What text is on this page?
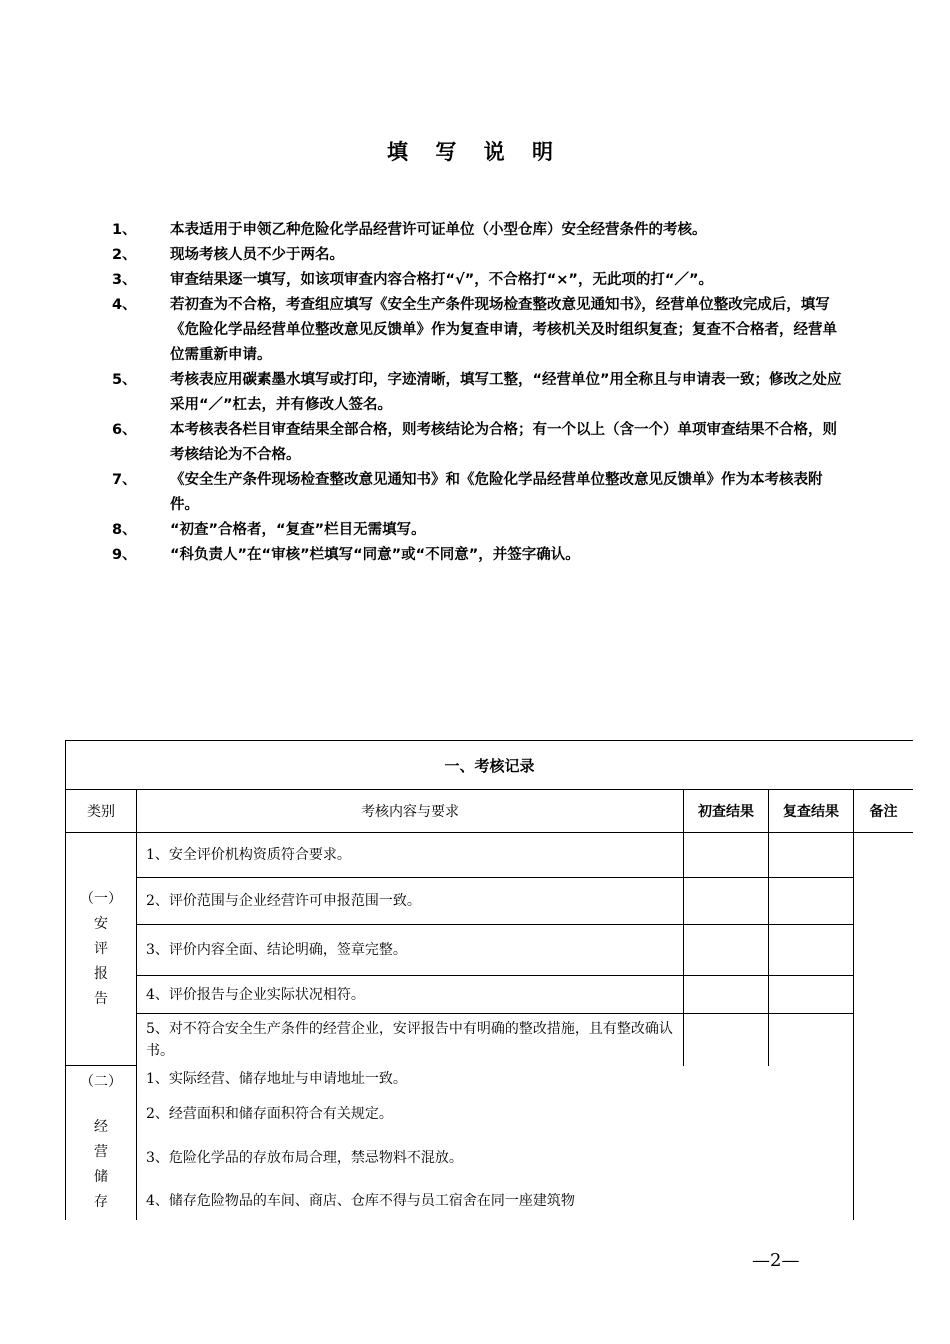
填 写 说 明
1、	本表适用于申领乙种危险化学品经营许可证单位（小型仓库）安全经营条件的考核。
2、	现场考核人员不少于两名。
3、	审查结果逐一填写，如该项审查内容合格打“√”，不合格打“×”，无此项的打“／”。
4、	若初查为不合格，考查组应填写《安全生产条件现场检查整改意见通知书》，经营单位整改完成后，填写《危险化学品经营单位整改意见反馈单》作为复查申请，考核机关及时组织复查；复查不合格者，经营单位需重新申请。
5、	考核表应用碳素墨水填写或打印，字迹清晰，填写工整，“经营单位”用全称且与申请表一致；修改之处应采用“／”杠去，并有修改人签名。
6、	本考核表各栏目审查结果全部合格，则考核结论为合格；有一个以上（含一个）单项审查结果不合格，则考核结论为不合格。
7、	《安全生产条件现场检查整改意见通知书》和《危险化学品经营单位整改意见反馈单》作为本考核表附件。
8、	“初查”合格者，“复查”栏目无需填写。
9、	“科负责人”在“审核”栏填写“同意”或“不同意”，并签字确认。
一、考核记录				
类别	考核内容与要求	初查结果	复查结果	备注

（一）
安
评
报
告	1、安全评价机构资质符合要求。			
	2、评价范围与企业经营许可申报范围一致。			
	3、评价内容全面、结论明确，签章完整。			
	4、评价报告与企业实际状况相符。			
	5、对不符合安全生产条件的经营企业，安评报告中有明确的整改措施，且有整改确认书。			

（二）
经
营
储
存	1、实际经营、储存地址与申请地址一致。			
	2、经营面积和储存面积符合有关规定。			
	3、危险化学品的存放布局合理，禁忌物料不混放。			
	4、储存危险物品的车间、商店、仓库不得与员工宿舍在同一座建筑物			
—2—
